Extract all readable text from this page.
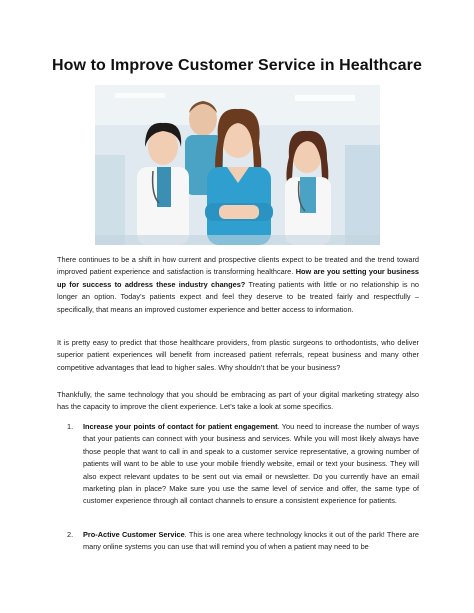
How to Improve Customer Service in Healthcare
There continues to be a shift in how current and prospective clients expect to be treated and the trend toward improved patient experience and satisfaction is transforming healthcare. How are you setting your business up for success to address these industry changes? Treating patients with little or no relationship is no longer an option. Today’s patients expect and feel they deserve to be treated fairly and respectfully – specifically, that means an improved customer experience and better access to information.
It is pretty easy to predict that those healthcare providers, from plastic surgeons to orthodontists, who deliver superior patient experiences will benefit from increased patient referrals, repeat business and many other competitive advantages that lead to higher sales. Why shouldn’t that be your business?
Thankfully, the same technology that you should be embracing as part of your digital marketing strategy also has the capacity to improve the client experience. Let’s take a look at some specifics.
1.	Increase your points of contact for patient engagement. You need to increase the number of ways that your patients can connect with your business and services. While you will most likely always have those people that want to call in and speak to a customer service representative, a growing number of patients will want to be able to use your mobile friendly website, email or text your business. They will also expect relevant updates to be sent out via email or newsletter. Do you currently have an email marketing plan in place? Make sure you use the same level of service and offer, the same type of customer experience through all contact channels to ensure a consistent experience for patients.
2.	Pro-Active Customer Service. This is one area where technology knocks it out of the park! There are many online systems you can use that will remind you of when a patient may need to be
